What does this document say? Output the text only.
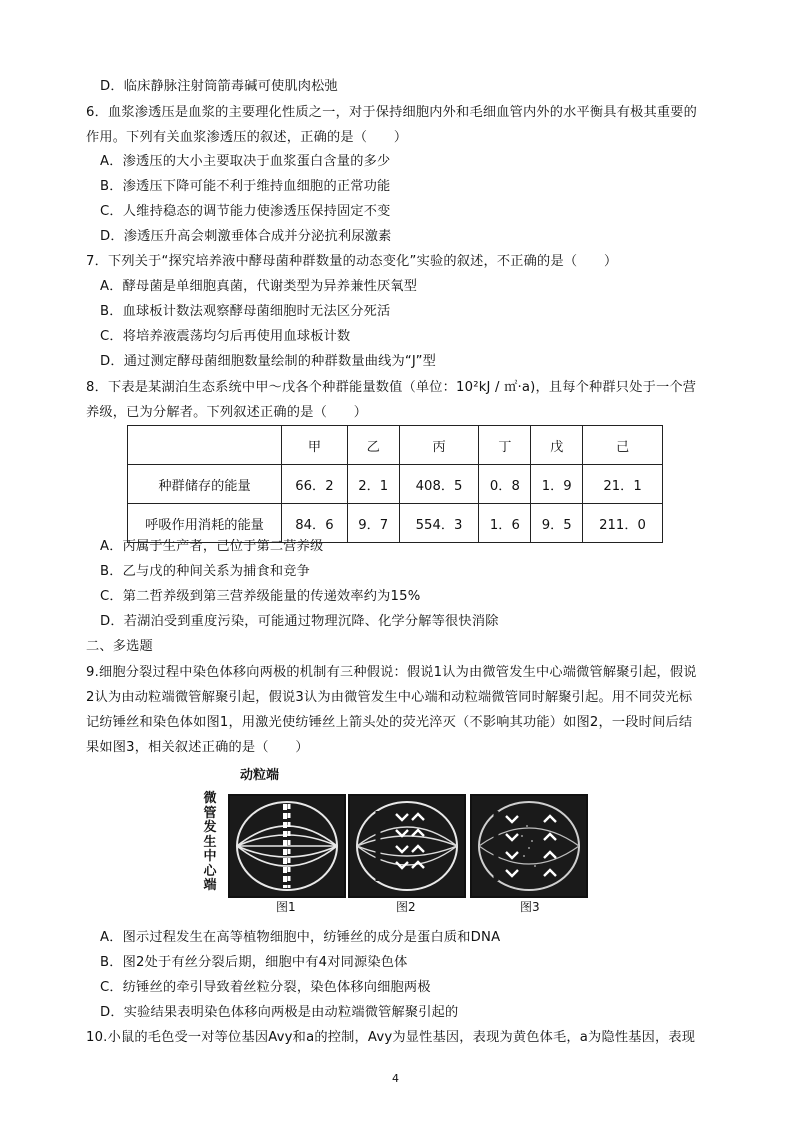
D．临床静脉注射筒箭毒碱可使肌肉松弛
6．血浆渗透压是血浆的主要理化性质之一，对于保持细胞内外和毛细血管内外的水平衡具有极其重要的
作用。下列有关血浆渗透压的叙述，正确的是（　　）
A．渗透压的大小主要取决于血浆蛋白含量的多少
B．渗透压下降可能不利于维持血细胞的正常功能
C．人维持稳态的调节能力使渗透压保持固定不变
D．渗透压升高会刺激垂体合成并分泌抗利尿激素
7．下列关于“探究培养液中酵母菌种群数量的动态变化”实验的叙述，不正确的是（　　）
A．酵母菌是单细胞真菌，代谢类型为异养兼性厌氧型
B．血球板计数法观察酵母菌细胞时无法区分死活
C．将培养液震荡均匀后再使用血球板计数
D．通过测定酵母菌细胞数量绘制的种群数量曲线为“J”型
8．下表是某湖泊生态系统中甲～戊各个种群能量数值（单位：10²kJ / ㎡·a)，且每个种群只处于一个营
养级，已为分解者。下列叙述正确的是（　　）
A．丙属于生产者，己位于第二营养级
B．乙与戊的种间关系为捕食和竞争
C．第二哲养级到第三营养级能量的传递效率约为15%
D．若湖泊受到重度污染，可能通过物理沉降、化学分解等很快消除
二、多选题
9.细胞分裂过程中染色体移向两极的机制有三种假说：假说1认为由微管发生中心端微管解聚引起，假说
2认为由动粒端微管解聚引起，假说3认为由微管发生中心端和动粒端微管同时解聚引起。用不同荧光标
记纺锤丝和染色体如图1，用激光使纺锤丝上箭头处的荧光淬灭（不影响其功能）如图2，一段时间后结
果如图3，相关叙述正确的是（　　）
A．图示过程发生在高等植物细胞中，纺锤丝的成分是蛋白质和DNA
B．图2处于有丝分裂后期，细胞中有4对同源染色体
C．纺锤丝的牵引导致着丝粒分裂，染色体移向细胞两极
D．实验结果表明染色体移向两极是由动粒端微管解聚引起的
10.小鼠的毛色受一对等位基因Avy和a的控制，Avy为显性基因，表现为黄色体毛，a为隐性基因，表现
	甲	乙	丙	丁	戊	己
种群储存的能量	66．2	2．1	408．5	0．8	1．9	21．1
呼吸作用消耗的能量	84．6	9．7	554．3	1．6	9．5	211．0
动粒端
微
管
发
生
中
心
端
图1	图2	图3
4
